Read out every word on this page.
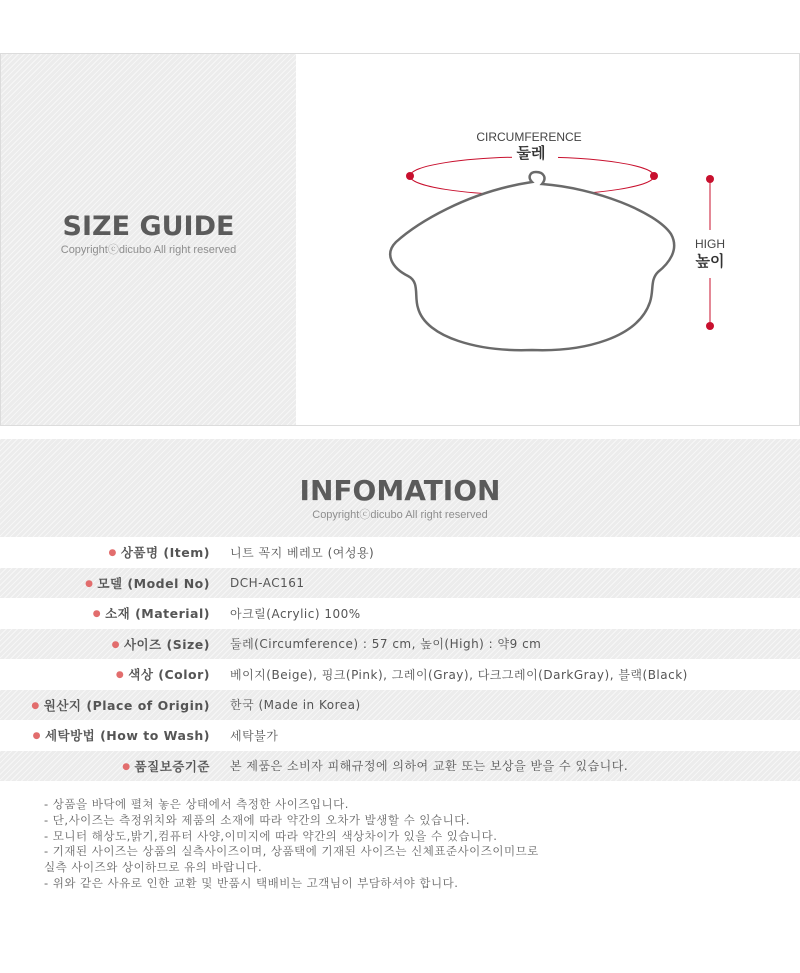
SIZE GUIDE
Copyrightⓒdicubo All right reserved
CIRCUMFERENCE
둘레
HIGH
높이
INFOMATION
Copyrightⓒdicubo All right reserved
● 상품명 (Item) 니트 꼭지 베레모 (여성용)
● 모델 (Model No) DCH-AC161
● 소재 (Material) 아크릴(Acrylic) 100%
● 사이즈 (Size) 둘레(Circumference) : 57 cm, 높이(High) : 약9 cm
● 색상 (Color) 베이지(Beige), 핑크(Pink), 그레이(Gray), 다크그레이(DarkGray), 블랙(Black)
● 원산지 (Place of Origin) 한국 (Made in Korea)
● 세탁방법 (How to Wash) 세탁불가
● 품질보증기준 본 제품은 소비자 피해규정에 의하여 교환 또는 보상을 받을 수 있습니다.
- 상품을 바닥에 펼쳐 놓은 상태에서 측정한 사이즈입니다.
- 단,사이즈는 측정위치와 제품의 소재에 따라 약간의 오차가 발생할 수 있습니다.
- 모니터 해상도,밝기,컴퓨터 사양,이미지에 따라 약간의 색상차이가 있을 수 있습니다.
- 기재된 사이즈는 상품의 실측사이즈이며, 상품택에 기재된 사이즈는 신체표준사이즈이미므로
실측 사이즈와 상이하므로 유의 바랍니다.
- 위와 같은 사유로 인한 교환 및 반품시 택배비는 고객님이 부담하셔야 합니다.
